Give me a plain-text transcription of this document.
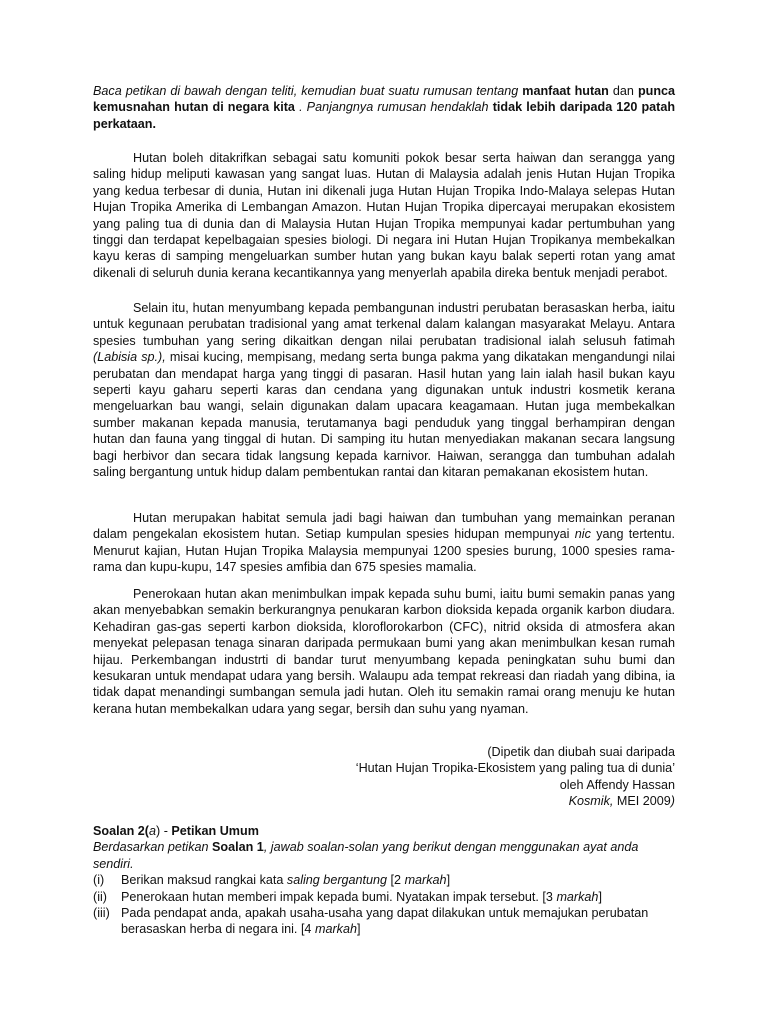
Baca petikan di bawah dengan teliti, kemudian buat suatu rumusan tentang manfaat hutan dan punca kemusnahan hutan di negara kita . Panjangnya rumusan hendaklah tidak lebih daripada 120 patah perkataan.

Hutan boleh ditakrifkan sebagai satu komuniti pokok besar serta haiwan dan serangga yang saling hidup meliputi kawasan yang sangat luas. Hutan di Malaysia adalah jenis Hutan Hujan Tropika yang kedua terbesar di dunia, Hutan ini dikenali juga Hutan Hujan Tropika Indo-Malaya selepas Hutan Hujan Tropika Amerika di Lembangan Amazon. Hutan Hujan Tropika dipercayai merupakan ekosistem yang paling tua di dunia dan di Malaysia Hutan Hujan Tropika mempunyai kadar pertumbuhan yang tinggi dan terdapat kepelbagaian spesies biologi. Di negara ini Hutan Hujan Tropikanya membekalkan kayu keras di samping mengeluarkan sumber hutan yang bukan kayu balak seperti rotan yang amat dikenali di seluruh dunia kerana kecantikannya yang menyerlah apabila direka bentuk menjadi perabot.

Selain itu, hutan menyumbang kepada pembangunan industri perubatan berasaskan herba, iaitu untuk kegunaan perubatan tradisional yang amat terkenal dalam kalangan masyarakat Melayu. Antara spesies tumbuhan yang sering dikaitkan dengan nilai perubatan tradisional ialah selusuh fatimah (Labisia sp.), misai kucing, mempisang, medang serta bunga pakma yang dikatakan mengandungi nilai perubatan dan mendapat harga yang tinggi di pasaran. Hasil hutan yang lain ialah hasil bukan kayu seperti kayu gaharu seperti karas dan cendana yang digunakan untuk industri kosmetik kerana mengeluarkan bau wangi, selain digunakan dalam upacara keagamaan. Hutan juga membekalkan sumber makanan kepada manusia, terutamanya bagi penduduk yang tinggal berhampiran dengan hutan dan fauna yang tinggal di hutan. Di samping itu hutan menyediakan makanan secara langsung bagi herbivor dan secara tidak langsung kepada karnivor. Haiwan, serangga dan tumbuhan adalah saling bergantung untuk hidup dalam pembentukan rantai dan kitaran pemakanan ekosistem hutan.

Hutan merupakan habitat semula jadi bagi haiwan dan tumbuhan yang memainkan peranan dalam pengekalan ekosistem hutan. Setiap kumpulan spesies hidupan mempunyai nic yang tertentu. Menurut kajian, Hutan Hujan Tropika Malaysia mempunyai 1200 spesies burung, 1000 spesies rama-rama dan kupu-kupu, 147 spesies amfibia dan 675 spesies mamalia.

Penerokaan hutan akan menimbulkan impak kepada suhu bumi, iaitu bumi semakin panas yang akan menyebabkan semakin berkurangnya penukaran karbon dioksida kepada organik karbon diudara. Kehadiran gas-gas seperti karbon dioksida, kloroflorokarbon (CFC), nitrid oksida di atmosfera akan menyekat pelepasan tenaga sinaran daripada permukaan bumi yang akan menimbulkan kesan rumah hijau. Perkembangan industrti di bandar turut menyumbang kepada peningkatan suhu bumi dan kesukaran untuk mendapat udara yang bersih. Walaupu ada tempat rekreasi dan riadah yang dibina, ia tidak dapat menandingi sumbangan semula jadi hutan. Oleh itu semakin ramai orang menuju ke hutan kerana hutan membekalkan udara yang segar, bersih dan suhu yang nyaman.

(Dipetik dan diubah suai daripada
‘Hutan Hujan Tropika-Ekosistem yang paling tua di dunia’
oleh Affendy Hassan
Kosmik, MEI 2009)
Soalan 2(a) - Petikan Umum
Berdasarkan petikan Soalan 1, jawab soalan-solan yang berikut dengan menggunakan ayat anda sendiri.
(i)	Berikan maksud rangkai kata saling bergantung [2 markah]
(ii)	Penerokaan hutan memberi impak kepada bumi. Nyatakan impak tersebut. [3 markah]
(iii) Pada pendapat anda, apakah usaha-usaha yang dapat dilakukan untuk memajukan perubatan berasaskan herba di negara ini. [4 markah]
